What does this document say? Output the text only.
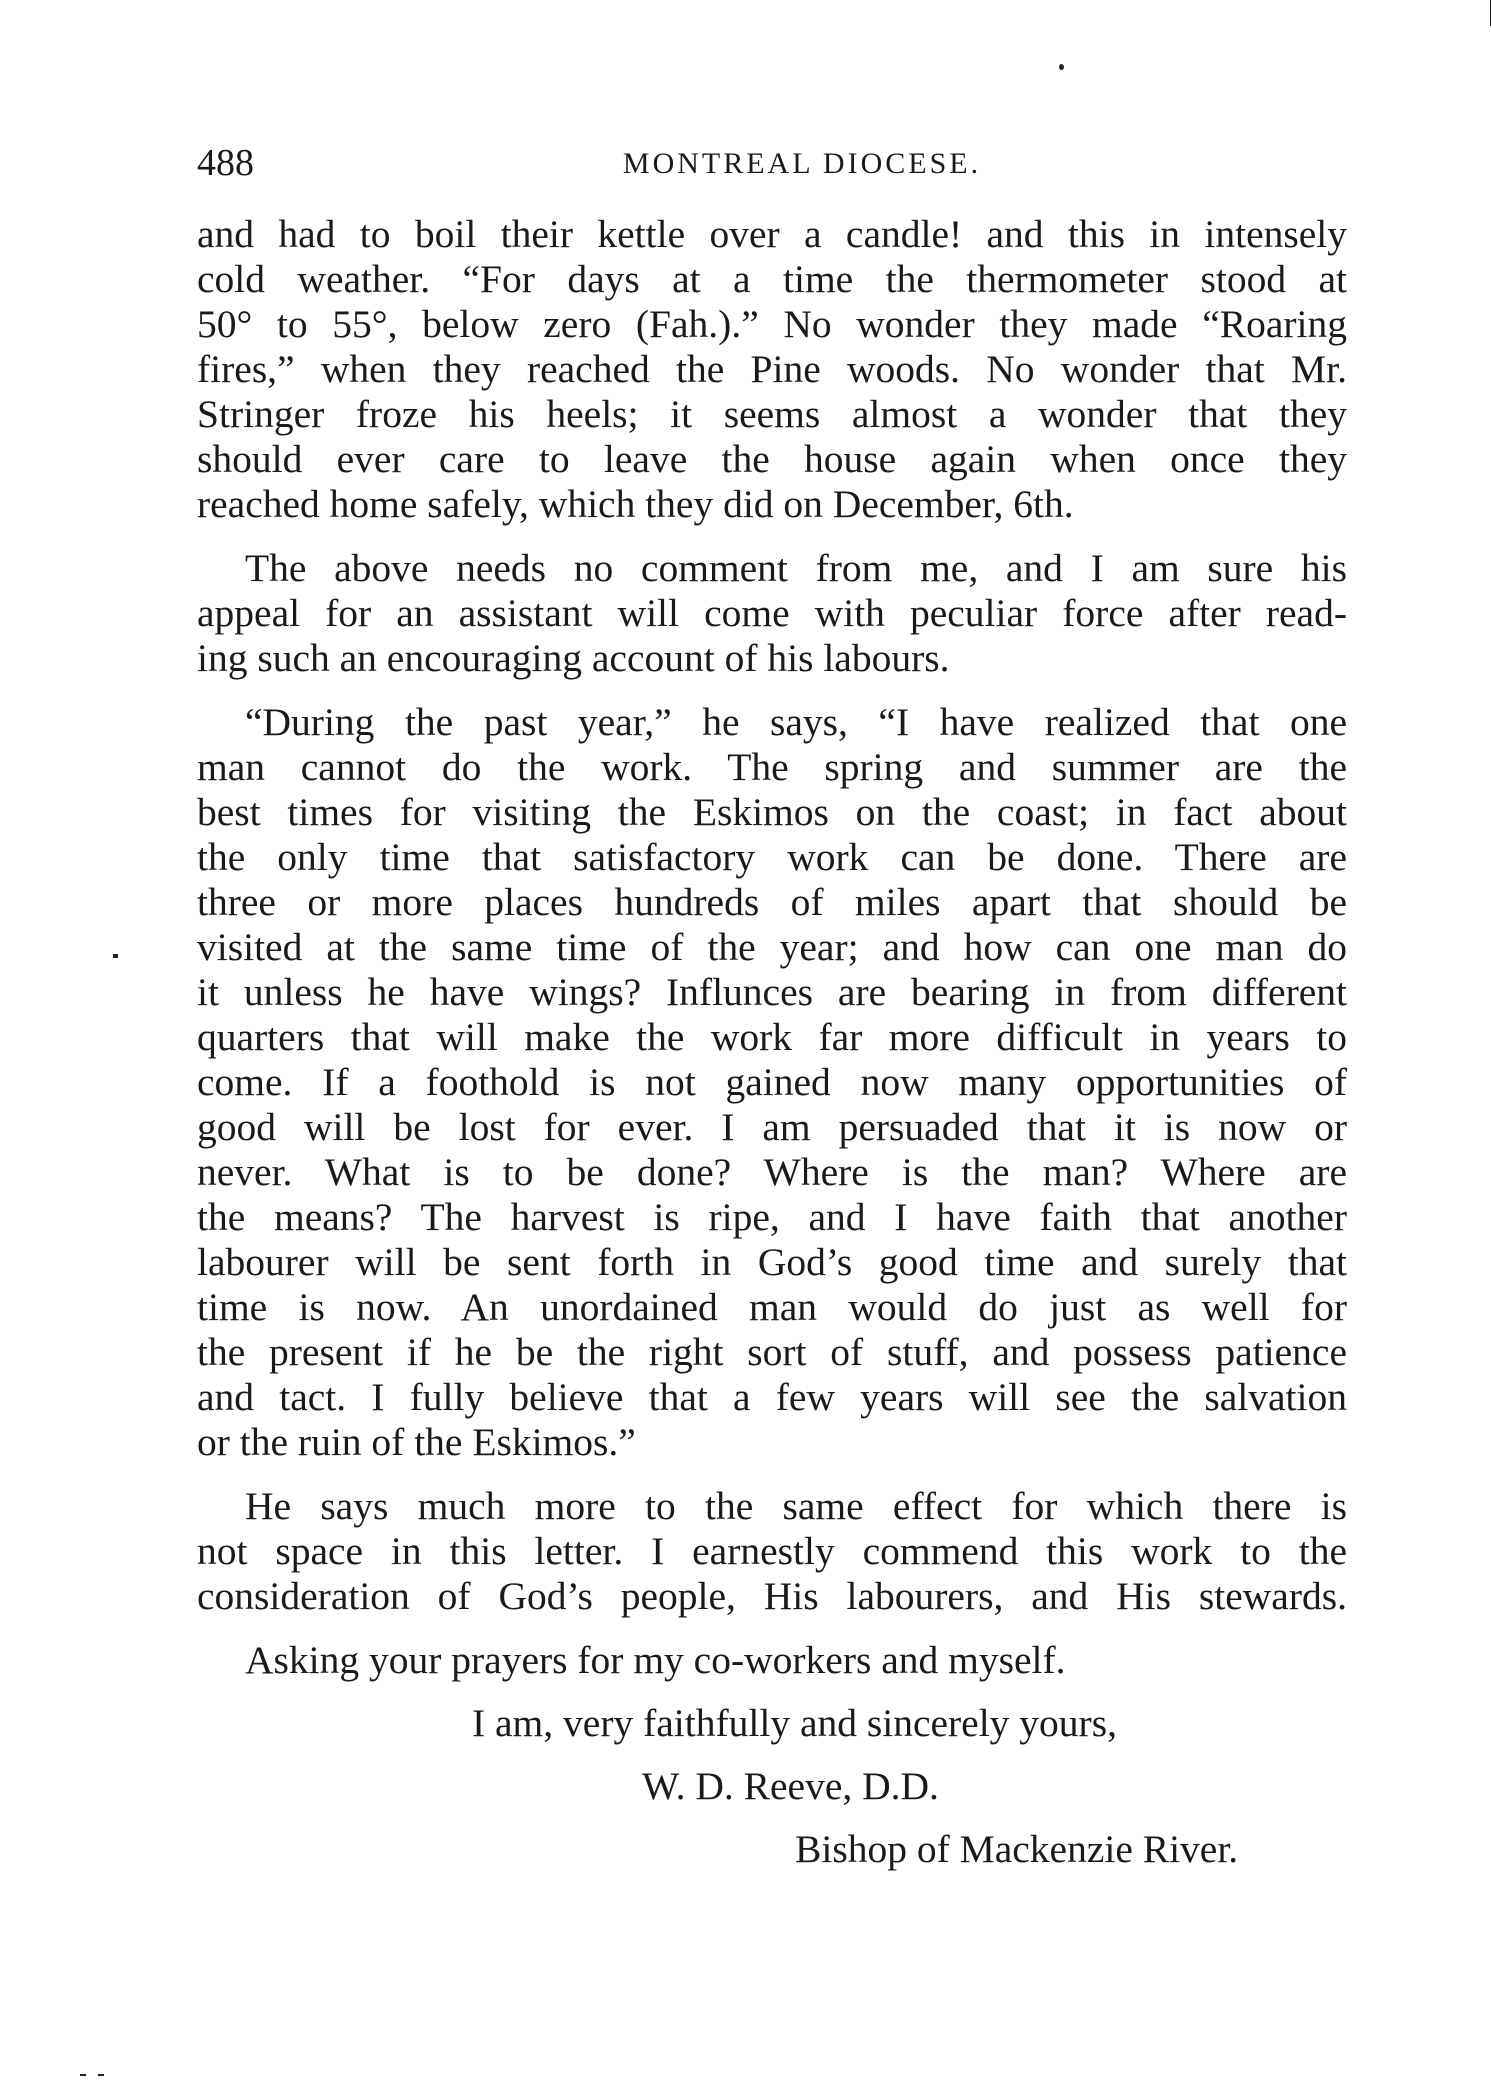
488	MONTREAL DIOCESE.

and had to boil their kettle over a candle! and this in intensely
cold weather. “For days at a time the thermometer stood at
50° to 55°, below zero (Fah.).” No wonder they made “Roaring
fires,” when they reached the Pine woods. No wonder that Mr.
Stringer froze his heels; it seems almost a wonder that they
should ever care to leave the house again when once they
reached home safely, which they did on December, 6th.

The above needs no comment from me, and I am sure his
appeal for an assistant will come with peculiar force after read-
ing such an encouraging account of his labours.

“During the past year,” he says, “I have realized that one
man cannot do the work. The spring and summer are the
best times for visiting the Eskimos on the coast; in fact about
the only time that satisfactory work can be done. There are
three or more places hundreds of miles apart that should be
visited at the same time of the year; and how can one man do
it unless he have wings? Influnces are bearing in from different
quarters that will make the work far more difficult in years to
come. If a foothold is not gained now many opportunities of
good will be lost for ever. I am persuaded that it is now or
never. What is to be done? Where is the man? Where are
the means? The harvest is ripe, and I have faith that another
labourer will be sent forth in God’s good time and surely that
time is now. An unordained man would do just as well for
the present if he be the right sort of stuff, and possess patience
and tact. I fully believe that a few years will see the salvation
or the ruin of the Eskimos.”

He says much more to the same effect for which there is
not space in this letter. I earnestly commend this work to the
consideration of God’s people, His labourers, and His stewards.

Asking your prayers for my co-workers and myself.

I am, very faithfully and sincerely yours,

W. D. Reeve, D.D.

Bishop of Mackenzie River.
